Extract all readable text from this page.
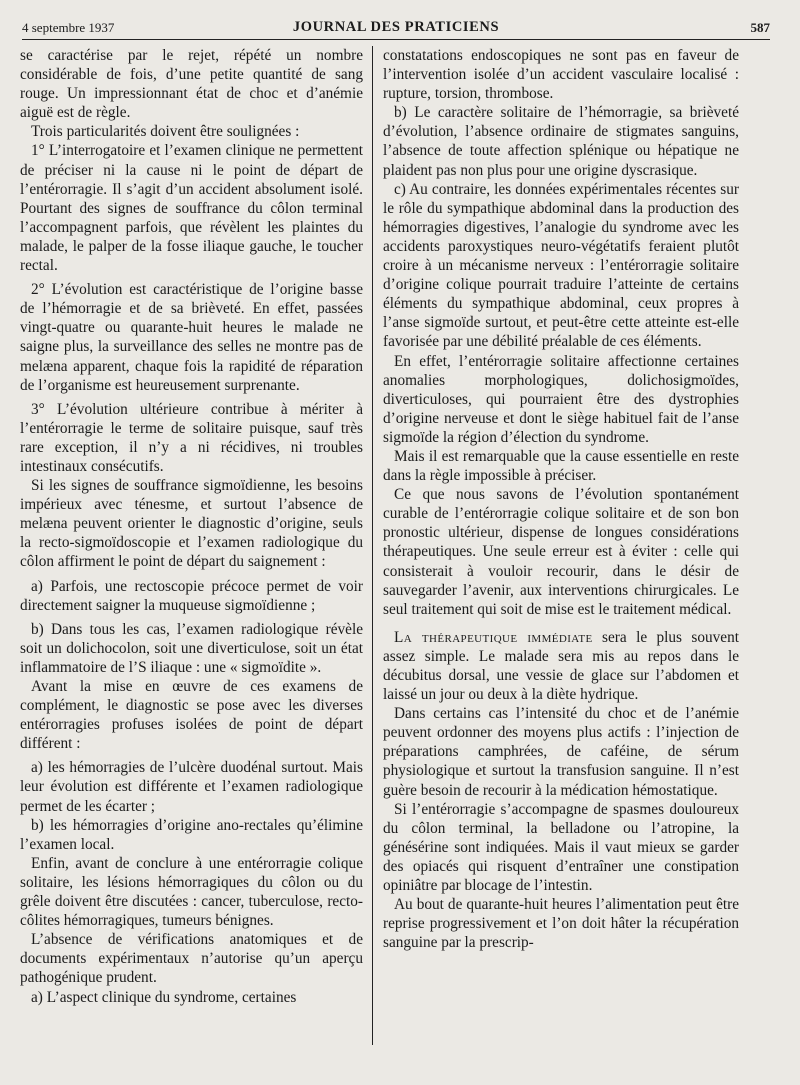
4 septembre 1937	JOURNAL DES PRATICIENS	587

se caractérise par le rejet, répété un nombre considérable de fois, d’une petite quantité de sang rouge. Un impressionnant état de choc et d’anémie aiguë est de règle.

Trois particularités doivent être soulignées :

1° L’interrogatoire et l’examen clinique ne permettent de préciser ni la cause ni le point de départ de l’entérorragie. Il s’agit d’un accident absolument isolé. Pourtant des signes de souffrance du côlon terminal l’accompagnent parfois, que révèlent les plaintes du malade, le palper de la fosse iliaque gauche, le toucher rectal.

2° L’évolution est caractéristique de l’origine basse de l’hémorragie et de sa brièveté. En effet, passées vingt-quatre ou quarante-huit heures le malade ne saigne plus, la surveillance des selles ne montre pas de melæna apparent, chaque fois la rapidité de réparation de l’organisme est heureusement surprenante.

3° L’évolution ultérieure contribue à mériter à l’entérorragie le terme de solitaire puisque, sauf très rare exception, il n’y a ni récidives, ni troubles intestinaux consécutifs.

Si les signes de souffrance sigmoïdienne, les besoins impérieux avec ténesme, et surtout l’absence de melæna peuvent orienter le diagnostic d’origine, seuls la recto-sigmoïdoscopie et l’examen radiologique du côlon affirment le point de départ du saignement :

a) Parfois, une rectoscopie précoce permet de voir directement saigner la muqueuse sigmoïdienne ;

b) Dans tous les cas, l’examen radiologique révèle soit un dolichocolon, soit une diverticulose, soit un état inflammatoire de l’S iliaque : une « sigmoïdite ».

Avant la mise en œuvre de ces examens de complément, le diagnostic se pose avec les diverses entérorragies profuses isolées de point de départ différent :

a) les hémorragies de l’ulcère duodénal surtout. Mais leur évolution est différente et l’examen radiologique permet de les écarter ;

b) les hémorragies d’origine ano-rectales qu’élimine l’examen local.

Enfin, avant de conclure à une entérorragie colique solitaire, les lésions hémorragiques du côlon ou du grêle doivent être discutées : cancer, tuberculose, recto-côlites hémorragiques, tumeurs bénignes.

L’absence de vérifications anatomiques et de documents expérimentaux n’autorise qu’un aperçu pathogénique prudent.

a) L’aspect clinique du syndrome, certaines

constatations endoscopiques ne sont pas en faveur de l’intervention isolée d’un accident vasculaire localisé : rupture, torsion, thrombose.

b) Le caractère solitaire de l’hémorragie, sa brièveté d’évolution, l’absence ordinaire de stigmates sanguins, l’absence de toute affection splénique ou hépatique ne plaident pas non plus pour une origine dyscrasique.

c) Au contraire, les données expérimentales récentes sur le rôle du sympathique abdominal dans la production des hémorragies digestives, l’analogie du syndrome avec les accidents paroxystiques neuro-végétatifs feraient plutôt croire à un mécanisme nerveux : l’entérorragie solitaire d’origine colique pourrait traduire l’atteinte de certains éléments du sympathique abdominal, ceux propres à l’anse sigmoïde surtout, et peut-être cette atteinte est-elle favorisée par une débilité préalable de ces éléments.

En effet, l’entérorragie solitaire affectionne certaines anomalies morphologiques, dolichosigmoïdes, diverticuloses, qui pourraient être des dystrophies d’origine nerveuse et dont le siège habituel fait de l’anse sigmoïde la région d’élection du syndrome.

Mais il est remarquable que la cause essentielle en reste dans la règle impossible à préciser.

Ce que nous savons de l’évolution spontanément curable de l’entérorragie colique solitaire et de son bon pronostic ultérieur, dispense de longues considérations thérapeutiques. Une seule erreur est à éviter : celle qui consisterait à vouloir recourir, dans le désir de sauvegarder l’avenir, aux interventions chirurgicales. Le seul traitement qui soit de mise est le traitement médical.

La thérapeutique immédiate sera le plus souvent assez simple. Le malade sera mis au repos dans le décubitus dorsal, une vessie de glace sur l’abdomen et laissé un jour ou deux à la diète hydrique.

Dans certains cas l’intensité du choc et de l’anémie peuvent ordonner des moyens plus actifs : l’injection de préparations camphrées, de caféine, de sérum physiologique et surtout la transfusion sanguine. Il n’est guère besoin de recourir à la médication hémostatique.

Si l’entérorragie s’accompagne de spasmes douloureux du côlon terminal, la belladone ou l’atropine, la génésérine sont indiquées. Mais il vaut mieux se garder des opiacés qui risquent d’entraîner une constipation opiniâtre par blocage de l’intestin.

Au bout de quarante-huit heures l’alimentation peut être reprise progressivement et l’on doit hâter la récupération sanguine par la prescrip-
